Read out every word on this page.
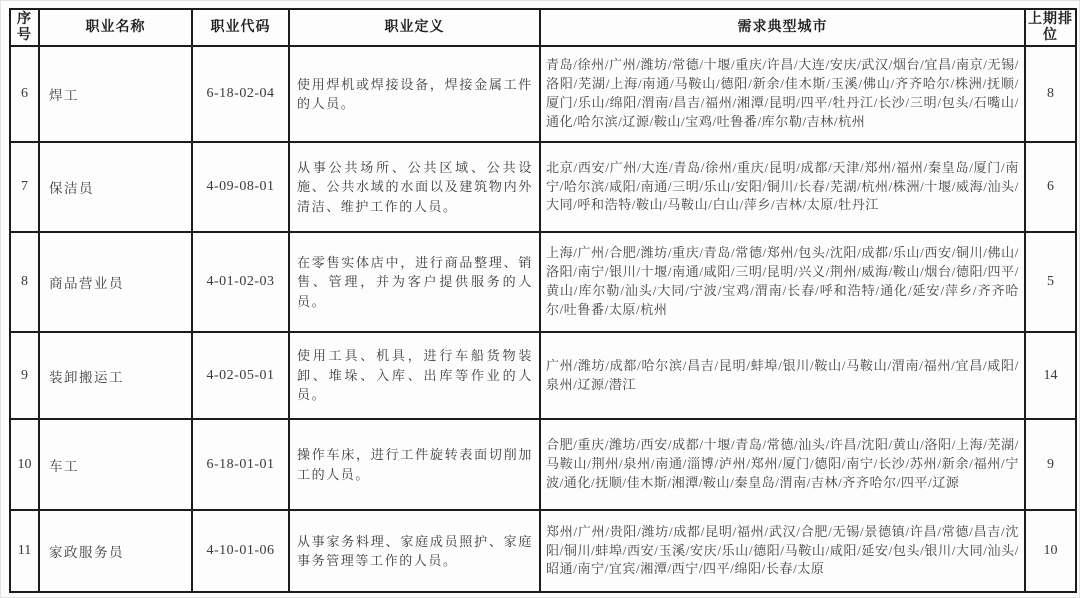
序号	职业名称	职业代码	职业定义	需求典型城市	上期排位
6	焊工	6-18-02-04	使用焊机或焊接设备，焊接金属工件的人员。	青岛/徐州/广州/潍坊/常德/十堰/重庆/许昌/大连/安庆/武汉/烟台/宜昌/南京/无锡/洛阳/芜湖/上海/南通/马鞍山/德阳/新余/佳木斯/玉溪/佛山/齐齐哈尔/株洲/抚顺/厦门/乐山/绵阳/渭南/昌吉/福州/湘潭/昆明/四平/牡丹江/长沙/三明/包头/石嘴山/通化/哈尔滨/辽源/鞍山/宝鸡/吐鲁番/库尔勒/吉林/杭州	8
7	保洁员	4-09-08-01	从事公共场所、公共区域、公共设施、公共水域的水面以及建筑物内外清洁、维护工作的人员。	北京/西安/广州/大连/青岛/徐州/重庆/昆明/成都/天津/郑州/福州/秦皇岛/厦门/南宁/哈尔滨/咸阳/南通/三明/乐山/安阳/铜川/长春/芜湖/杭州/株洲/十堰/威海/汕头/大同/呼和浩特/鞍山/马鞍山/白山/萍乡/吉林/太原/牡丹江	6
8	商品营业员	4-01-02-03	在零售实体店中，进行商品整理、销售、管理，并为客户提供服务的人员。	上海/广州/合肥/潍坊/重庆/青岛/常德/郑州/包头/沈阳/成都/乐山/西安/铜川/佛山/洛阳/南宁/银川/十堰/南通/咸阳/三明/昆明/兴义/荆州/威海/鞍山/烟台/德阳/四平/黄山/库尔勒/汕头/大同/宁波/宝鸡/渭南/长春/呼和浩特/通化/延安/萍乡/齐齐哈尔/吐鲁番/太原/杭州	5
9	装卸搬运工	4-02-05-01	使用工具、机具，进行车船货物装卸、堆垛、入库、出库等作业的人员。	广州/潍坊/成都/哈尔滨/昌吉/昆明/蚌埠/银川/鞍山/马鞍山/渭南/福州/宜昌/咸阳/泉州/辽源/潜江	14
10	车工	6-18-01-01	操作车床，进行工件旋转表面切削加工的人员。	合肥/重庆/潍坊/西安/成都/十堰/青岛/常德/汕头/许昌/沈阳/黄山/洛阳/上海/芜湖/马鞍山/荆州/泉州/南通/淄博/泸州/郑州/厦门/德阳/南宁/长沙/苏州/新余/福州/宁波/通化/抚顺/佳木斯/湘潭/鞍山/秦皇岛/渭南/吉林/齐齐哈尔/四平/辽源	9
11	家政服务员	4-10-01-06	从事家务料理、家庭成员照护、家庭事务管理等工作的人员。	郑州/广州/贵阳/潍坊/成都/昆明/福州/武汉/合肥/无锡/景德镇/许昌/常德/昌吉/沈阳/铜川/蚌埠/西安/玉溪/安庆/乐山/德阳/马鞍山/咸阳/延安/包头/银川/大同/汕头/昭通/南宁/宜宾/湘潭/西宁/四平/绵阳/长春/太原	10
